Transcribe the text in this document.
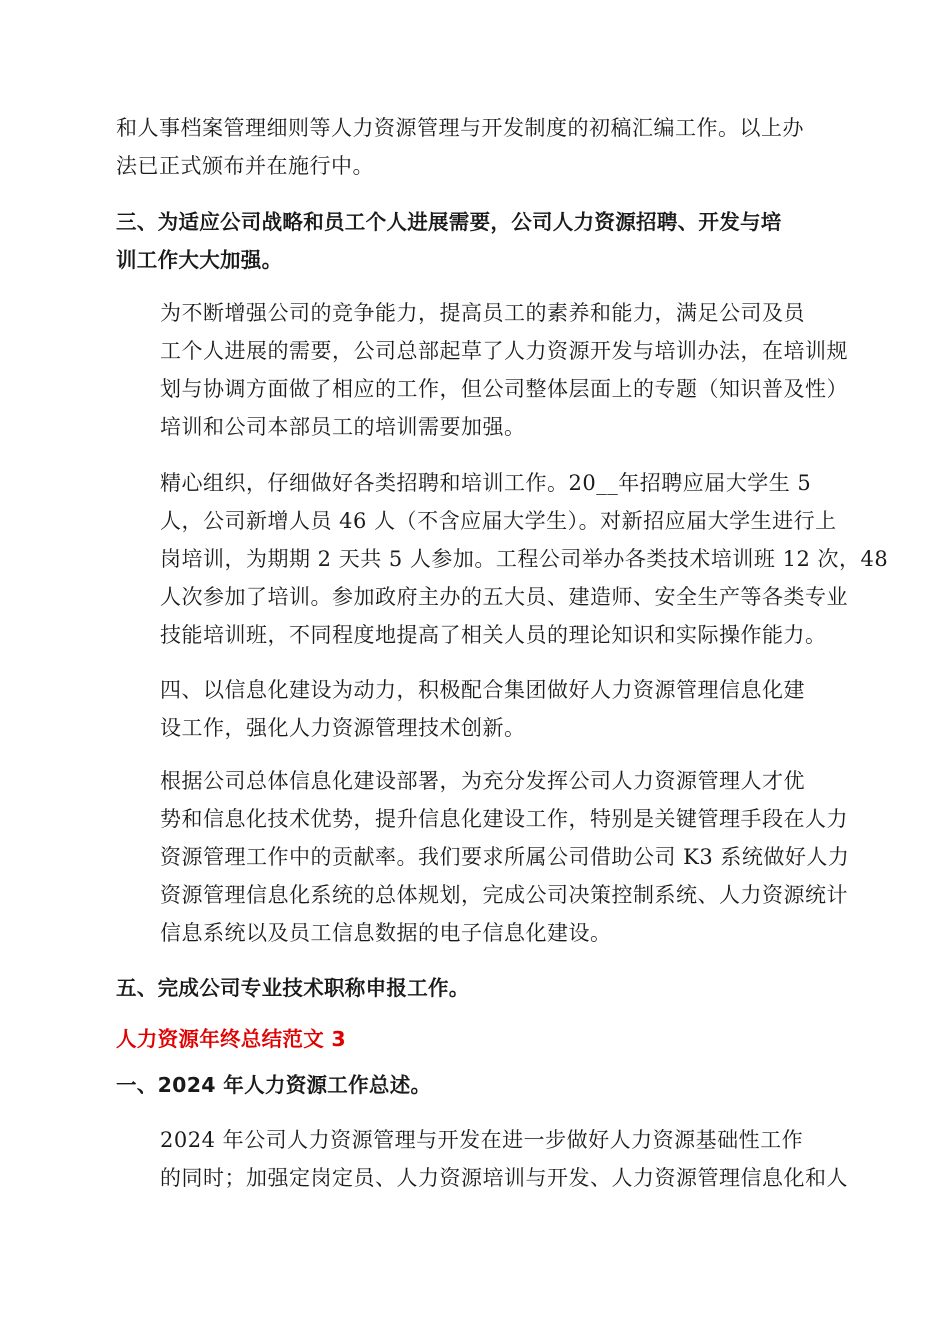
和人事档案管理细则等人力资源管理与开发制度的初稿汇编工作。以上办
法已正式颁布并在施行中。

三、为适应公司战略和员工个人进展需要，公司人力资源招聘、开发与培
训工作大大加强。

为不断增强公司的竞争能力，提高员工的素养和能力，满足公司及员
工个人进展的需要，公司总部起草了人力资源开发与培训办法，在培训规
划与协调方面做了相应的工作，但公司整体层面上的专题（知识普及性）
培训和公司本部员工的培训需要加强。

精心组织，仔细做好各类招聘和培训工作。20__年招聘应届大学生 5
人，公司新增人员 46 人（不含应届大学生）。对新招应届大学生进行上
岗培训，为期期 2 天共 5 人参加。工程公司举办各类技术培训班 12 次，48
人次参加了培训。参加政府主办的五大员、建造师、安全生产等各类专业
技能培训班，不同程度地提高了相关人员的理论知识和实际操作能力。

四、以信息化建设为动力，积极配合集团做好人力资源管理信息化建
设工作，强化人力资源管理技术创新。

根据公司总体信息化建设部署，为充分发挥公司人力资源管理人才优
势和信息化技术优势，提升信息化建设工作，特别是关键管理手段在人力
资源管理工作中的贡献率。我们要求所属公司借助公司 K3 系统做好人力
资源管理信息化系统的总体规划，完成公司决策控制系统、人力资源统计
信息系统以及员工信息数据的电子信息化建设。

五、完成公司专业技术职称申报工作。

人力资源年终总结范文 3

一、2024 年人力资源工作总述。

2024 年公司人力资源管理与开发在进一步做好人力资源基础性工作
的同时；加强定岗定员、人力资源培训与开发、人力资源管理信息化和人
